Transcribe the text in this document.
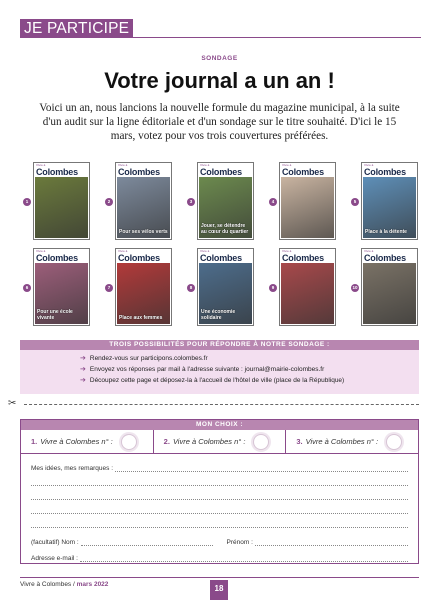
JE PARTICIPE
SONDAGE
Votre journal a un an !
Voici un an, nous lancions la nouvelle formule du magazine municipal, à la suite d'un audit sur la ligne éditoriale et d'un sondage sur le titre souhaité. D'ici le 15 mars, votez pour vos trois couvertures préférées.
1
Vivre à
Colombes
2
Vivre à
Colombes
Pour ses vélos verts
3
Vivre à
Colombes
Jouer, se détendre au cœur du quartier
4
Vivre à
Colombes
5
Vivre à
Colombes
Place à la détente
6
Vivre à
Colombes
Pour une école vivante
7
Vivre à
Colombes
Place aux femmes
8
Vivre à
Colombes
Une économie solidaire
9
Vivre à
Colombes
10
Vivre à
Colombes
TROIS POSSIBILITÉS POUR RÉPONDRE À NOTRE SONDAGE :
➔ Rendez-vous sur participons.colombes.fr
➔ Envoyez vos réponses par mail à l'adresse suivante : journal@mairie-colombes.fr
➔ Découpez cette page et déposez-la à l'accueil de l'hôtel de ville (place de la République)
✂
MON CHOIX :
1. Vivre à Colombes n° :	2. Vivre à Colombes n° :	3. Vivre à Colombes n° :
Mes idées, mes remarques :
(facultatif) Nom :	Prénom :
Adresse e-mail :
Vivre à Colombes / mars 2022	18
